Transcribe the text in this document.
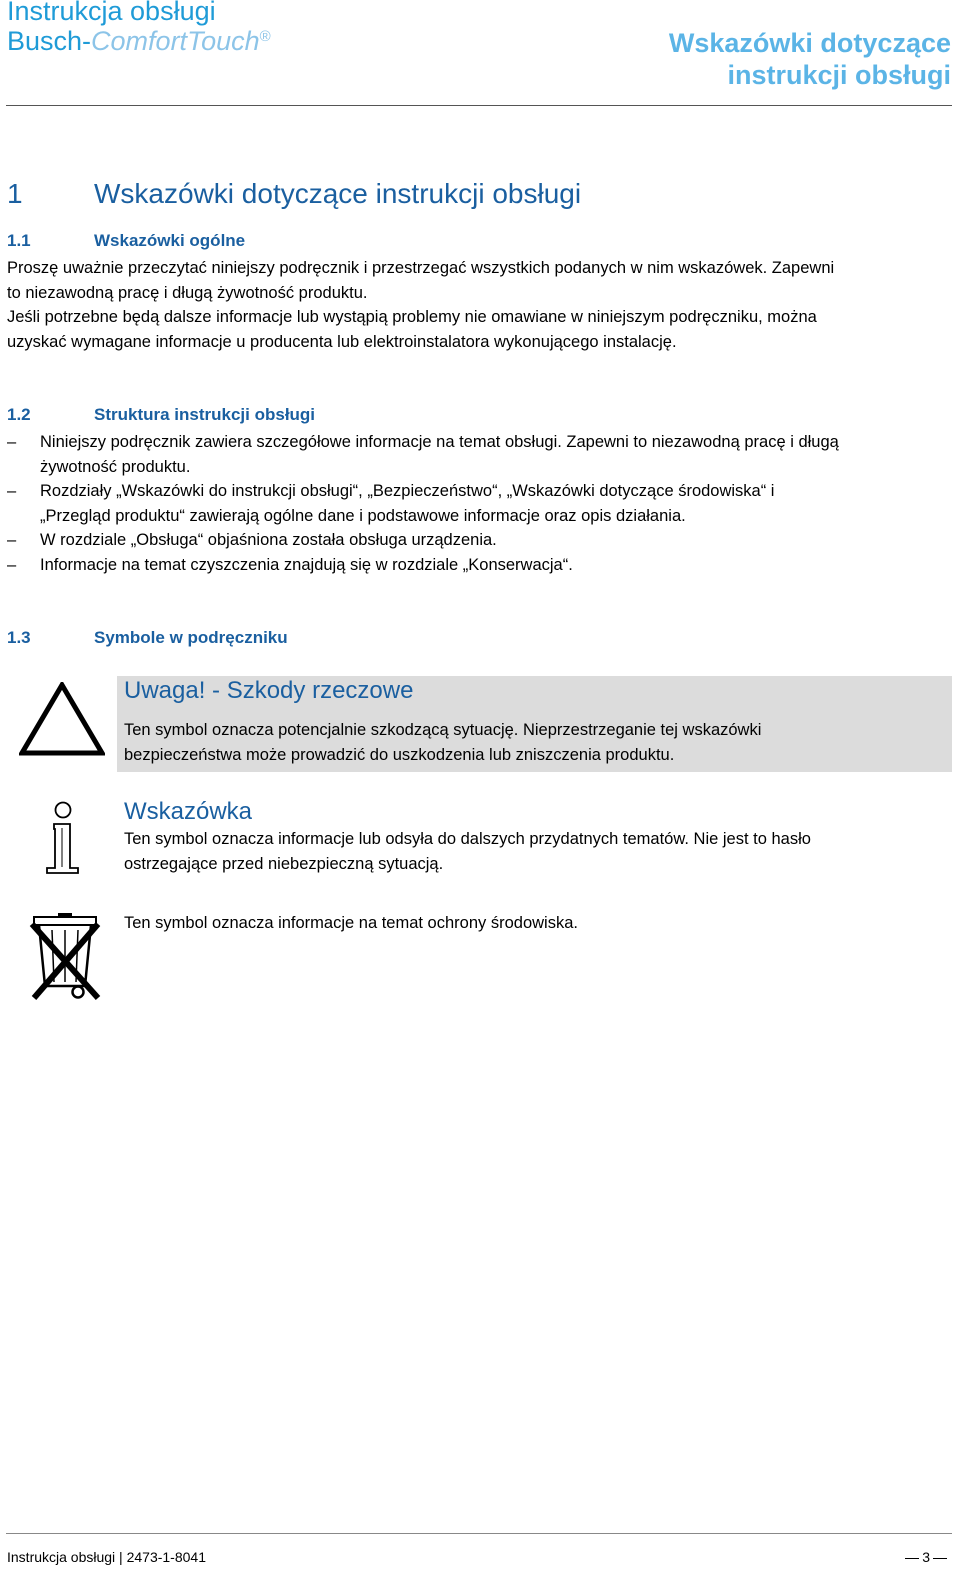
Instrukcja obsługi

Busch-ComfortTouch®	Wskazówki dotyczące
instrukcji obsługi
1	Wskazówki dotyczące instrukcji obsługi
1.1	Wskazówki ogólne
Proszę uważnie przeczytać niniejszy podręcznik i przestrzegać wszystkich podanych w nim wskazówek. Zapewni
to niezawodną pracę i długą żywotność produktu.
Jeśli potrzebne będą dalsze informacje lub wystąpią problemy nie omawiane w niniejszym podręczniku, można
uzyskać wymagane informacje u producenta lub elektroinstalatora wykonującego instalację.
1.2	Struktura instrukcji obsługi
– Niniejszy podręcznik zawiera szczegółowe informacje na temat obsługi. Zapewni to niezawodną pracę i długą
żywotność produktu.
– Rozdziały „Wskazówki do instrukcji obsługi“, „Bezpieczeństwo“, „Wskazówki dotyczące środowiska“ i
„Przegląd produktu“ zawierają ogólne dane i podstawowe informacje oraz opis działania.
– W rozdziale „Obsługa“ objaśniona została obsługa urządzenia.
– Informacje na temat czyszczenia znajdują się w rozdziale „Konserwacja“.
1.3	Symbole w podręczniku
Uwaga! - Szkody rzeczowe
Ten symbol oznacza potencjalnie szkodzącą sytuację. Nieprzestrzeganie tej wskazówki
bezpieczeństwa może prowadzić do uszkodzenia lub zniszczenia produktu.
Wskazówka
Ten symbol oznacza informacje lub odsyła do dalszych przydatnych tematów. Nie jest to hasło
ostrzegające przed niebezpieczną sytuacją.
Ten symbol oznacza informacje na temat ochrony środowiska.
Instrukcja obsługi | 2473-1-8041	3
